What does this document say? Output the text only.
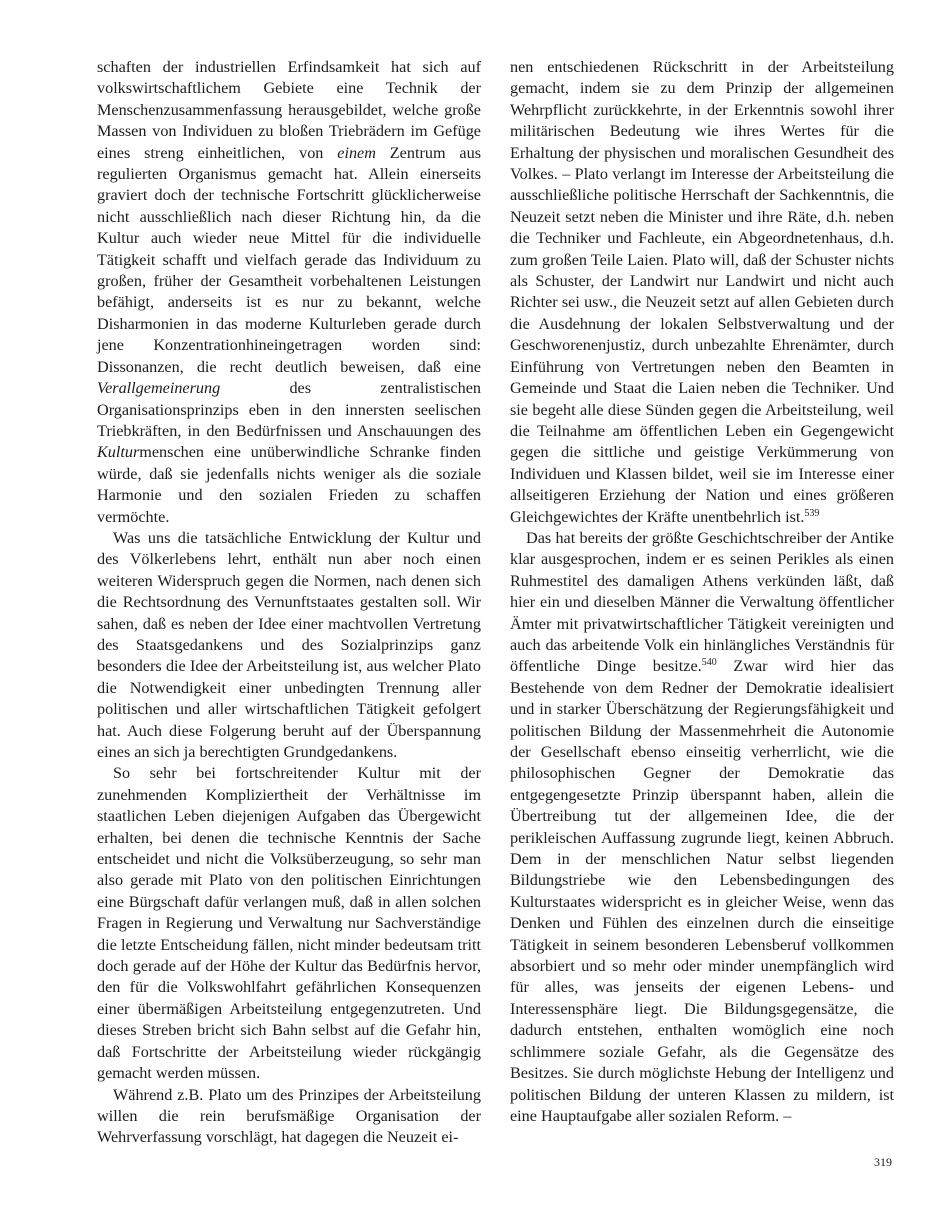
schaften der industriellen Erfindsamkeit hat sich auf volkswirtschaftlichem Gebiete eine Technik der Menschenzusammenfassung herausgebildet, welche große Massen von Individuen zu bloßen Triebrädern im Gefüge eines streng einheitlichen, von einem Zentrum aus regulierten Organismus gemacht hat. Allein einerseits graviert doch der technische Fortschritt glücklicherweise nicht ausschließlich nach dieser Richtung hin, da die Kultur auch wieder neue Mittel für die individuelle Tätigkeit schafft und vielfach gerade das Individuum zu großen, früher der Gesamtheit vorbehaltenen Leistungen befähigt, anderseits ist es nur zu bekannt, welche Disharmonien in das moderne Kulturleben gerade durch jene Konzentrationhineingetragen worden sind: Dissonanzen, die recht deutlich beweisen, daß eine Verallgemeinerung des zentralistischen Organisationsprinzips eben in den innersten seelischen Triebkräften, in den Bedürfnissen und Anschauungen des Kulturmenschen eine unüberwindliche Schranke finden würde, daß sie jedenfalls nichts weniger als die soziale Harmonie und den sozialen Frieden zu schaffen vermöchte.

Was uns die tatsächliche Entwicklung der Kultur und des Völkerlebens lehrt, enthält nun aber noch einen weiteren Widerspruch gegen die Normen, nach denen sich die Rechtsordnung des Vernunftstaates gestalten soll. Wir sahen, daß es neben der Idee einer machtvollen Vertretung des Staatsgedankens und des Sozialprinzips ganz besonders die Idee der Arbeitsteilung ist, aus welcher Plato die Notwendigkeit einer unbedingten Trennung aller politischen und aller wirtschaftlichen Tätigkeit gefolgert hat. Auch diese Folgerung beruht auf der Überspannung eines an sich ja berechtigten Grundgedankens.

So sehr bei fortschreitender Kultur mit der zunehmenden Kompliziertheit der Verhältnisse im staatlichen Leben diejenigen Aufgaben das Übergewicht erhalten, bei denen die technische Kenntnis der Sache entscheidet und nicht die Volksüberzeugung, so sehr man also gerade mit Plato von den politischen Einrichtungen eine Bürgschaft dafür verlangen muß, daß in allen solchen Fragen in Regierung und Verwaltung nur Sachverständige die letzte Entscheidung fällen, nicht minder bedeutsam tritt doch gerade auf der Höhe der Kultur das Bedürfnis hervor, den für die Volkswohlfahrt gefährlichen Konsequenzen einer übermäßigen Arbeitsteilung entgegenzutreten. Und dieses Streben bricht sich Bahn selbst auf die Gefahr hin, daß Fortschritte der Arbeitsteilung wieder rückgängig gemacht werden müssen.

Während z.B. Plato um des Prinzipes der Arbeitsteilung willen die rein berufsmäßige Organisation der Wehrverfassung vorschlägt, hat dagegen die Neuzeit ei-

nen entschiedenen Rückschritt in der Arbeitsteilung gemacht, indem sie zu dem Prinzip der allgemeinen Wehrpflicht zurückkehrte, in der Erkenntnis sowohl ihrer militärischen Bedeutung wie ihres Wertes für die Erhaltung der physischen und moralischen Gesundheit des Volkes. – Plato verlangt im Interesse der Arbeitsteilung die ausschließliche politische Herrschaft der Sachkenntnis, die Neuzeit setzt neben die Minister und ihre Räte, d.h. neben die Techniker und Fachleute, ein Abgeordnetenhaus, d.h. zum großen Teile Laien. Plato will, daß der Schuster nichts als Schuster, der Landwirt nur Landwirt und nicht auch Richter sei usw., die Neuzeit setzt auf allen Gebieten durch die Ausdehnung der lokalen Selbstverwaltung und der Geschworenenjustiz, durch unbezahlte Ehrenämter, durch Einführung von Vertretungen neben den Beamten in Gemeinde und Staat die Laien neben die Techniker. Und sie begeht alle diese Sünden gegen die Arbeitsteilung, weil die Teilnahme am öffentlichen Leben ein Gegengewicht gegen die sittliche und geistige Verkümmerung von Individuen und Klassen bildet, weil sie im Interesse einer allseitigeren Erziehung der Nation und eines größeren Gleichgewichtes der Kräfte unentbehrlich ist.$^{539}$

Das hat bereits der größte Geschichtschreiber der Antike klar ausgesprochen, indem er es seinen Perikles als einen Ruhmestitel des damaligen Athens verkünden läßt, daß hier ein und dieselben Männer die Verwaltung öffentlicher Ämter mit privatwirtschaftlicher Tätigkeit vereinigten und auch das arbeitende Volk ein hinlängliches Verständnis für öffentliche Dinge besitze.$^{540}$ Zwar wird hier das Bestehende von dem Redner der Demokratie idealisiert und in starker Überschätzung der Regierungsfähigkeit und politischen Bildung der Massenmehrheit die Autonomie der Gesellschaft ebenso einseitig verherrlicht, wie die philosophischen Gegner der Demokratie das entgegengesetzte Prinzip überspannt haben, allein die Übertreibung tut der allgemeinen Idee, die der perikleischen Auffassung zugrunde liegt, keinen Abbruch. Dem in der menschlichen Natur selbst liegenden Bildungstriebe wie den Lebensbedingungen des Kulturstaates widerspricht es in gleicher Weise, wenn das Denken und Fühlen des einzelnen durch die einseitige Tätigkeit in seinem besonderen Lebensberuf vollkommen absorbiert und so mehr oder minder unempfänglich wird für alles, was jenseits der eigenen Lebens- und Interessensphäre liegt. Die Bildungsgegensätze, die dadurch entstehen, enthalten womöglich eine noch schlimmere soziale Gefahr, als die Gegensätze des Besitzes. Sie durch möglichste Hebung der Intelligenz und politischen Bildung der unteren Klassen zu mildern, ist eine Hauptaufgabe aller sozialen Reform. –

319
